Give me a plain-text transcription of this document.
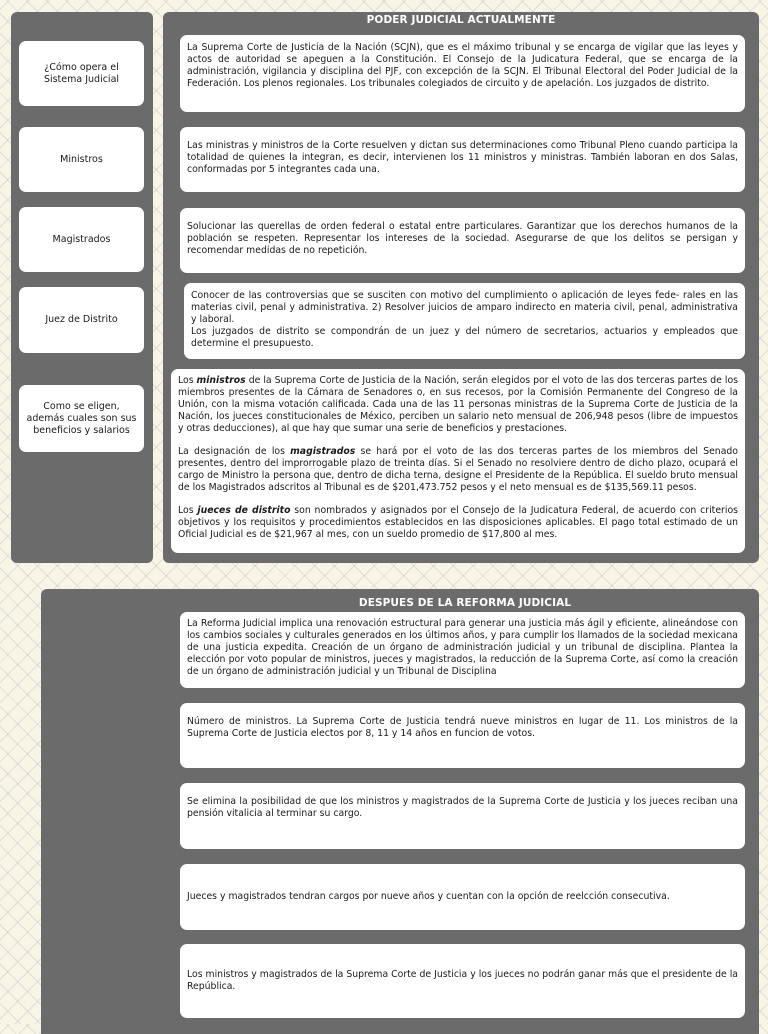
PODER JUDICIAL ACTUALMENTE
¿Cómo opera el Sistema Judicial
Ministros
Magistrados
Juez de Distrito
Como se eligen, además cuales son sus beneficios y salarios
La Suprema Corte de Justicia de la Nación (SCJN), que es el máximo tribunal y se encarga de vigilar que las leyes y actos de autoridad se apeguen a la Constitución. El Consejo de la Judicatura Federal, que se encarga de la administración, vigilancia y disciplina del PJF, con excepción de la SCJN. El Tribunal Electoral del Poder Judicial de la Federación. Los plenos regionales. Los tribunales colegiados de circuito y de apelación. Los juzgados de distrito.
Las ministras y ministros de la Corte resuelven y dictan sus determinaciones como Tribunal Pleno cuando participa la totalidad de quienes la integran, es decir, intervienen los 11 ministros y ministras. También laboran en dos Salas, conformadas por 5 integrantes cada una.
Solucionar las querellas de orden federal o estatal entre particulares. Garantizar que los derechos humanos de la población se respeten. Representar los intereses de la sociedad. Asegurarse de que los delitos se persigan y recomendar medidas de no repetición.
Conocer de las controversias que se susciten con motivo del cumplimiento o aplicación de leyes fede- rales en las materias civil, penal y administrativa. 2) Resolver juicios de amparo indirecto en materia civil, penal, administrativa y laboral.
Los juzgados de distrito se compondrán de un juez y del número de secretarios, actuarios y empleados que determine el presupuesto.

Los ministros de la Suprema Corte de Justicia de la Nación, serán elegidos por el voto de las dos terceras partes de los miembros presentes de la Cámara de Senadores o, en sus recesos, por la Comisión Permanente del Congreso de la Unión, con la misma votación calificada. Cada una de las 11 personas ministras de la Suprema Corte de Justicia de la Nación, los jueces constitucionales de México, perciben un salario neto mensual de 206,948 pesos (libre de impuestos y otras deducciones), al que hay que sumar una serie de beneficios y prestaciones.

La designación de los magistrados se hará por el voto de las dos terceras partes de los miembros del Senado presentes, dentro del improrrogable plazo de treinta días. Si el Senado no resolviere dentro de dicho plazo, ocupará el cargo de Ministro la persona que, dentro de dicha terna, designe el Presidente de la República. El sueldo bruto mensual de los Magistrados adscritos al Tribunal es de $201,473.752 pesos y el neto mensual es de $135,569.11 pesos.

Los jueces de distrito son nombrados y asignados por el Consejo de la Judicatura Federal, de acuerdo con criterios objetivos y los requisitos y procedimientos establecidos en las disposiciones aplicables. El pago total estimado de un Oficial Judicial es de $21,967 al mes, con un sueldo promedio de $17,800 al mes.

DESPUES DE LA REFORMA JUDICIAL
La Reforma Judicial implica una renovación estructural para generar una justicia más ágil y eficiente, alineándose con los cambios sociales y culturales generados en los últimos años, y para cumplir los llamados de la sociedad mexicana de una justicia expedita. Creación de un órgano de administración judicial y un tribunal de disciplina. Plantea la elección por voto popular de ministros, jueces y magistrados, la reducción de la Suprema Corte, así como la creación de un órgano de administración judicial y un Tribunal de Disciplina
Número de ministros. La Suprema Corte de Justicia tendrá nueve ministros en lugar de 11. Los ministros de la Suprema Corte de Justicia electos por 8, 11 y 14 años en funcion de votos.
Se elimina la posibilidad de que los ministros y magistrados de la Suprema Corte de Justicia y los jueces reciban una pensión vitalicia al terminar su cargo.
Jueces y magistrados tendran cargos por nueve años y cuentan con la opción de reelcción consecutiva.
Los ministros y magistrados de la Suprema Corte de Justicia y los jueces no podrán ganar más que el presidente de la República.
